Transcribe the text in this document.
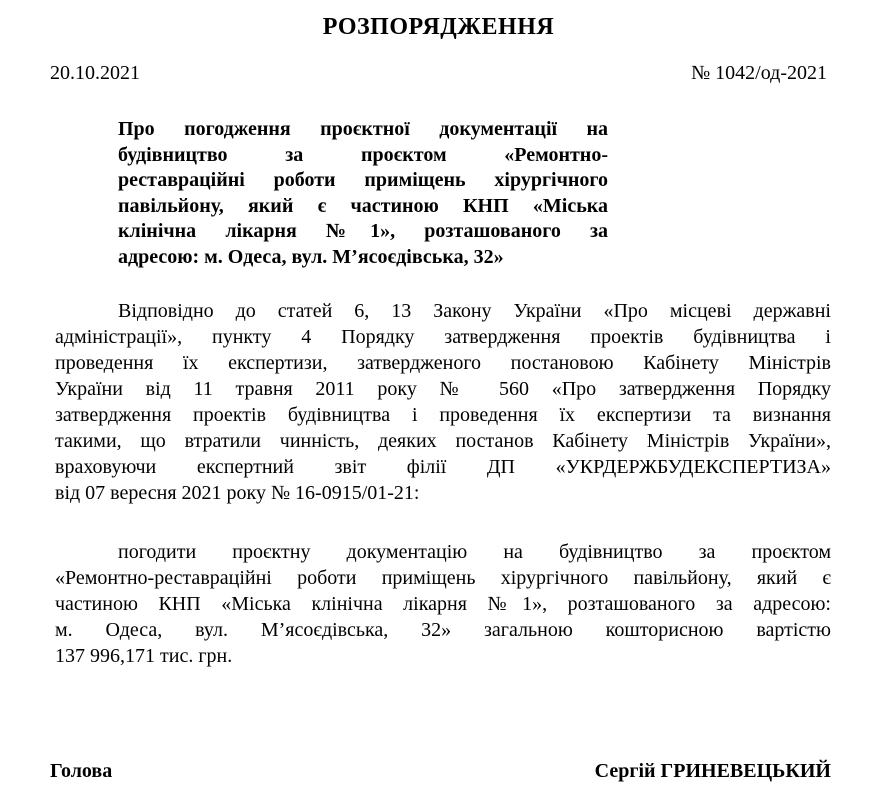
РОЗПОРЯДЖЕННЯ
20.10.2021	№ 1042/од-2021
Про погодження проєктної документації на
будівництво за проєктом «Ремонтно-
реставраційні роботи приміщень хірургічного
павільйону, який є частиною КНП «Міська
клінічна лікарня №1», розташованого за
адресою: м. Одеса, вул. М’ясоєдівська, 32»
Відповідно до статей 6, 13 Закону України «Про місцеві державні
адміністрації», пункту 4 Порядку затвердження проектів будівництва і
проведення їх експертизи, затвердженого постановою Кабінету Міністрів
України від 11 травня 2011 року № 560 «Про затвердження Порядку
затвердження проектів будівництва і проведення їх експертизи та визнання
такими, що втратили чинність, деяких постанов Кабінету Міністрів України»,
враховуючи експертний звіт філії ДП «УКРДЕРЖБУДЕКСПЕРТИЗА»
від 07 вересня 2021 року № 16-0915/01-21:
погодити проєктну документацію на будівництво за проєктом
«Ремонтно-реставраційні роботи приміщень хірургічного павільйону, який є
частиною КНП «Міська клінічна лікарня №1», розташованого за адресою:
м. Одеса, вул. М’ясоєдівська, 32» загальною кошторисною вартістю
137 996,171 тис. грн.
Голова	Сергій ГРИНЕВЕЦЬКИЙ
